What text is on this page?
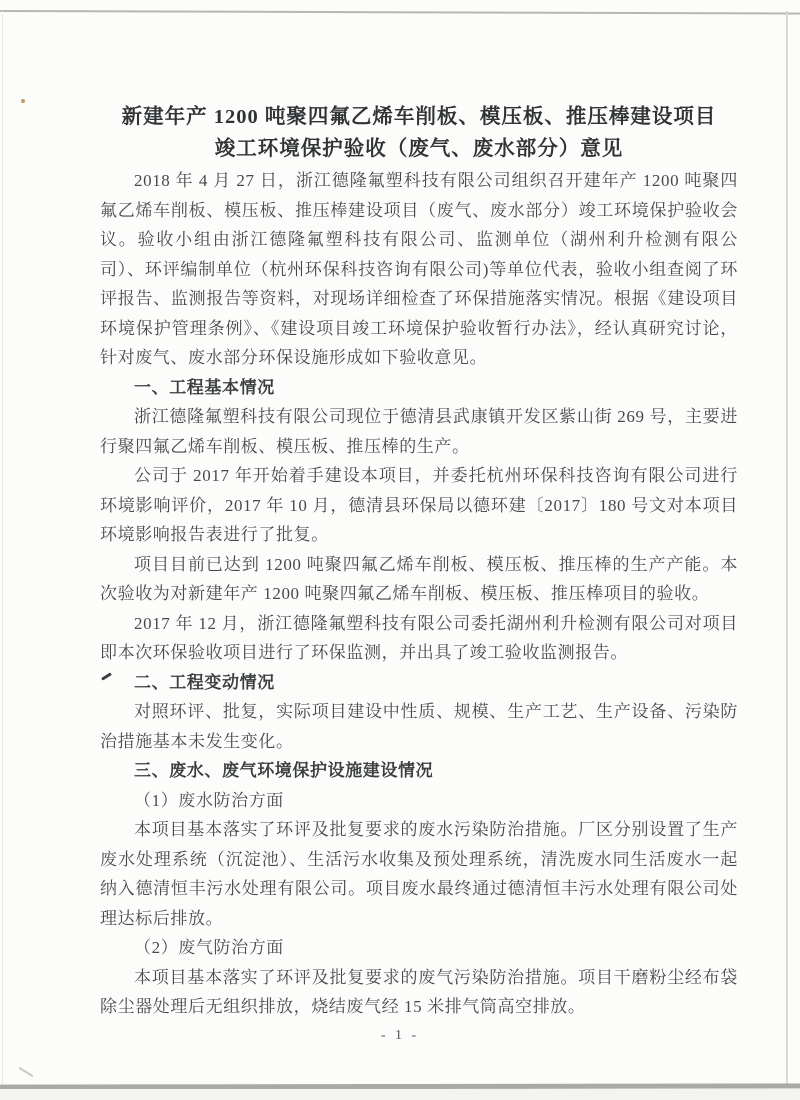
新建年产 1200 吨聚四氟乙烯车削板、模压板、推压棒建设项目
竣工环境保护验收（废气、废水部分）意见

2018 年 4 月 27 日，浙江德隆氟塑科技有限公司组织召开建年产 1200 吨聚四氟乙烯车削板、模压板、推压棒建设项目（废气、废水部分）竣工环境保护验收会议。验收小组由浙江德隆氟塑科技有限公司、监测单位（湖州利升检测有限公司）、环评编制单位（杭州环保科技咨询有限公司)等单位代表，验收小组查阅了环评报告、监测报告等资料，对现场详细检查了环保措施落实情况。根据《建设项目环境保护管理条例》、《建设项目竣工环境保护验收暂行办法》，经认真研究讨论，针对废气、废水部分环保设施形成如下验收意见。

一、工程基本情况

浙江德隆氟塑科技有限公司现位于德清县武康镇开发区紫山街 269 号，主要进行聚四氟乙烯车削板、模压板、推压棒的生产。

公司于 2017 年开始着手建设本项目，并委托杭州环保科技咨询有限公司进行环境影响评价，2017 年 10 月，德清县环保局以德环建〔2017〕180 号文对本项目环境影响报告表进行了批复。

项目目前已达到 1200 吨聚四氟乙烯车削板、模压板、推压棒的生产产能。本次验收为对新建年产 1200 吨聚四氟乙烯车削板、模压板、推压棒项目的验收。

2017 年 12 月，浙江德隆氟塑科技有限公司委托湖州利升检测有限公司对项目即本次环保验收项目进行了环保监测，并出具了竣工验收监测报告。

二、工程变动情况

对照环评、批复，实际项目建设中性质、规模、生产工艺、生产设备、污染防治措施基本未发生变化。

三、废水、废气环境保护设施建设情况

（1）废水防治方面

本项目基本落实了环评及批复要求的废水污染防治措施。厂区分别设置了生产废水处理系统（沉淀池）、生活污水收集及预处理系统，清洗废水同生活废水一起纳入德清恒丰污水处理有限公司。项目废水最终通过德清恒丰污水处理有限公司处理达标后排放。

（2）废气防治方面

本项目基本落实了环评及批复要求的废气污染防治措施。项目干磨粉尘经布袋除尘器处理后无组织排放，烧结废气经 15 米排气筒高空排放。

- 1 -
